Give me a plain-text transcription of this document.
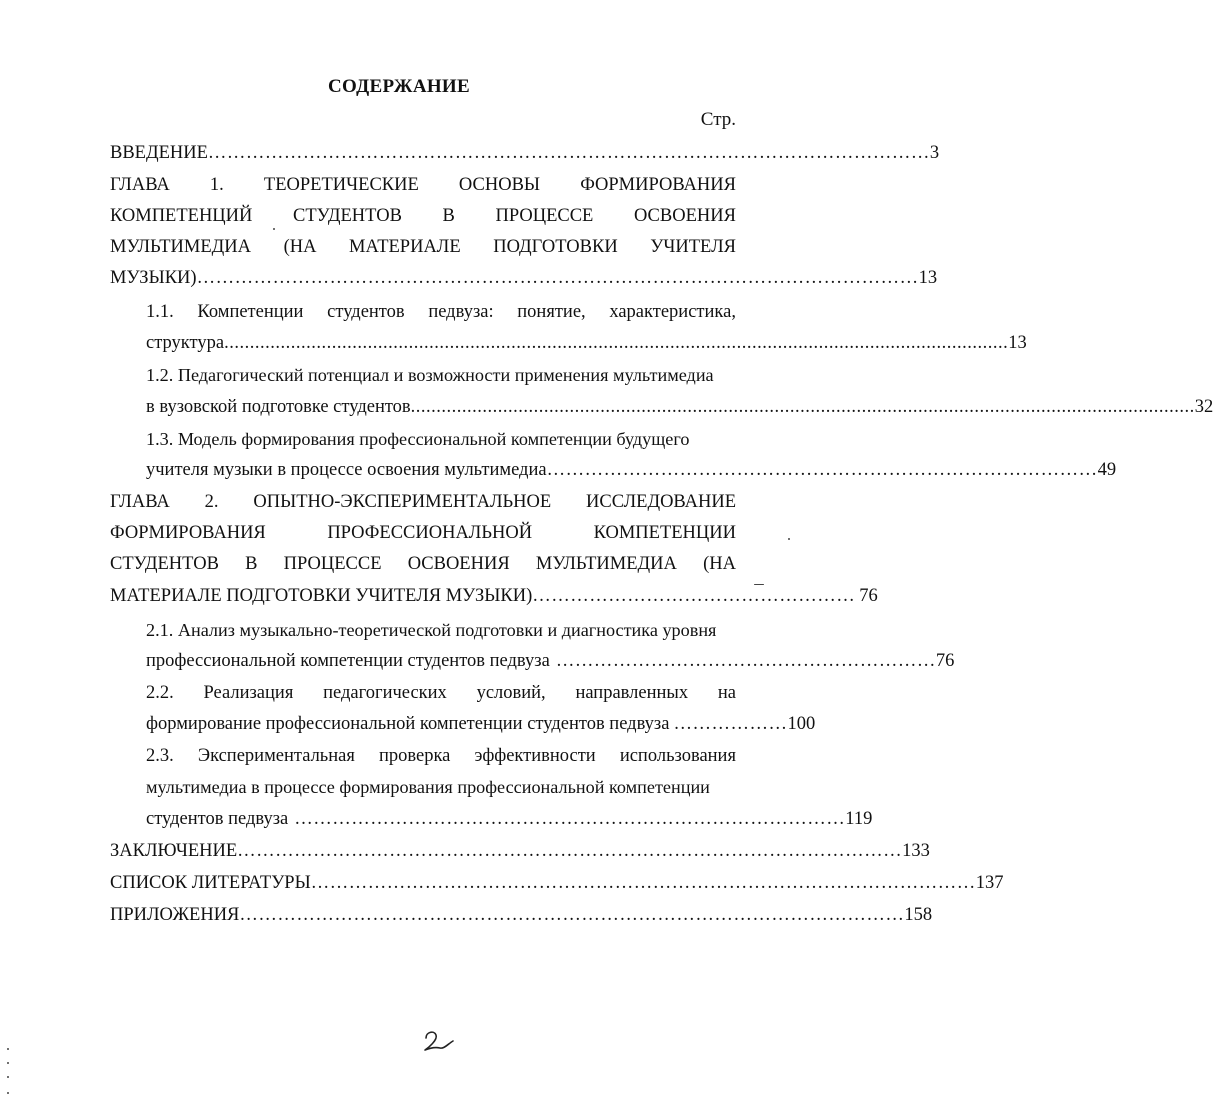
СОДЕРЖАНИЕ
Стр.
ВВЕДЕНИЕ …………………………………………………………………………………………………… 3
ГЛАВА 1. ТЕОРЕТИЧЕСКИЕ ОСНОВЫ ФОРМИРОВАНИЯ
КОМПЕТЕНЦИЙ СТУДЕНТОВ В ПРОЦЕССЕ ОСВОЕНИЯ
МУЛЬТИМЕДИА (НА МАТЕРИАЛЕ ПОДГОТОВКИ УЧИТЕЛЯ
МУЗЫКИ) …………………………………………………………………………………………………… 13
1.1. Компетенции студентов педвуза: понятие, характеристика,
структура ......................................................................................................................................................... 13
1.2. Педагогический потенциал и возможности применения мультимедиа
в вузовской подготовке студентов ......................................................................................................................................................... 32
1.3. Модель формирования профессиональной компетенции будущего
учителя музыки в процессе освоения мультимедиа …………………………………………………………………………… 49
ГЛАВА 2. ОПЫТНО-ЭКСПЕРИМЕНТАЛЬНОЕ ИССЛЕДОВАНИЕ
ФОРМИРОВАНИЯ	ПРОФЕССИОНАЛЬНОЙ	КОМПЕТЕНЦИИ
СТУДЕНТОВ В ПРОЦЕССЕ ОСВОЕНИЯ МУЛЬТИМЕДИА (НА
МАТЕРИАЛЕ ПОДГОТОВКИ УЧИТЕЛЯ МУЗЫКИ) …………………………………………… 76
2.1. Анализ музыкально-теоретической подготовки и диагностика уровня
профессиональной компетенции студентов педвуза …………………………………………………… 76
2.2. Реализация педагогических условий, направленных на
формирование профессиональной компетенции студентов педвуза ……………… 100
2.3. Экспериментальная проверка эффективности использования
мультимедиа в процессе формирования профессиональной компетенции
студентов педвуза …………………………………………………………………………… 119
ЗАКЛЮЧЕНИЕ …………………………………………………………………………………………… 133
СПИСОК ЛИТЕРАТУРЫ …………………………………………………………………………………………… 137
ПРИЛОЖЕНИЯ …………………………………………………………………………………………… 158
